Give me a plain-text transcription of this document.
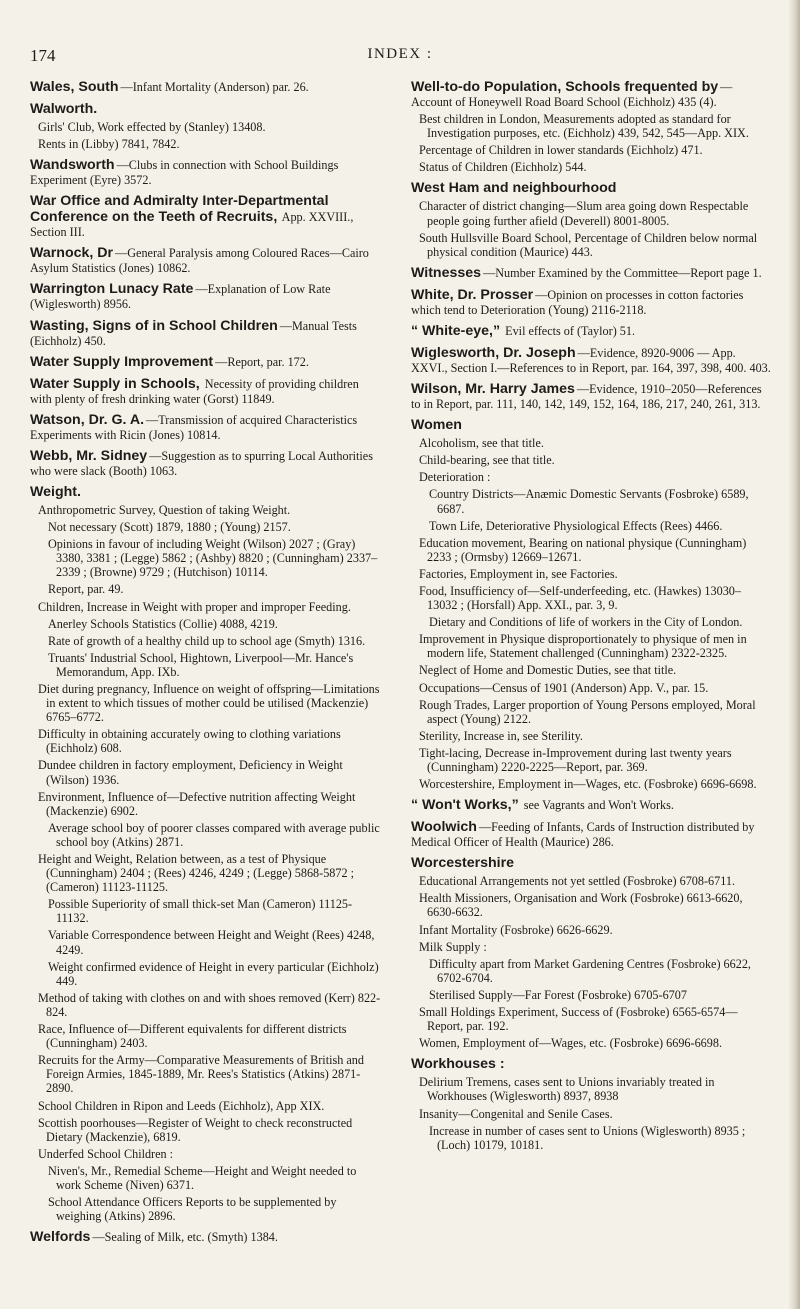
174	INDEX :
Wales, South —Infant Mortality (Anderson) par. 26.
Walworth.
Girls' Club, Work effected by (Stanley) 13408.
Rents in (Libby) 7841, 7842.
Wandsworth —Clubs in connection with School Buildings Experiment (Eyre) 3572.
War Office and Admiralty Inter-Departmental Conference on the Teeth of Recruits, App. XXVIII., Section III.
Warnock, Dr —General Paralysis among Coloured Races—Cairo Asylum Statistics (Jones) 10862.
Warrington Lunacy Rate —Explanation of Low Rate (Wiglesworth) 8956.
Wasting, Signs of in School Children —Manual Tests (Eichholz) 450.
Water Supply Improvement —Report, par. 172.
Water Supply in Schools, Necessity of providing children with plenty of fresh drinking water (Gorst) 11849.
Watson, Dr. G. A. —Transmission of acquired Characteristics Experiments with Ricin (Jones) 10814.
Webb, Mr. Sidney —Suggestion as to spurring Local Authorities who were slack (Booth) 1063.
Weight.
Anthropometric Survey, Question of taking Weight.
Not necessary (Scott) 1879, 1880 ; (Young) 2157.
Opinions in favour of including Weight (Wilson) 2027 ; (Gray) 3380, 3381 ; (Legge) 5862 ; (Ashby) 8820 ; (Cunningham) 2337–2339 ; (Browne) 9729 ; (Hutchison) 10114.
Report, par. 49.
Children, Increase in Weight with proper and improper Feeding.
Anerley Schools Statistics (Collie) 4088, 4219.
Rate of growth of a healthy child up to school age (Smyth) 1316.
Truants' Industrial School, Hightown, Liverpool—Mr. Hance's Memorandum, App. IXb.
Diet during pregnancy, Influence on weight of offspring—Limitations in extent to which tissues of mother could be utilised (Mackenzie) 6765–6772.
Difficulty in obtaining accurately owing to clothing variations (Eichholz) 608.
Dundee children in factory employment, Deficiency in Weight (Wilson) 1936.
Environment, Influence of—Defective nutrition affecting Weight (Mackenzie) 6902.
Average school boy of poorer classes compared with average public school boy (Atkins) 2871.
Height and Weight, Relation between, as a test of Physique (Cunningham) 2404 ; (Rees) 4246, 4249 ; (Legge) 5868-5872 ; (Cameron) 11123-11125.
Possible Superiority of small thick-set Man (Cameron) 11125-11132.
Variable Correspondence between Height and Weight (Rees) 4248, 4249.
Weight confirmed evidence of Height in every particular (Eichholz) 449.
Method of taking with clothes on and with shoes removed (Kerr) 822-824.
Race, Influence of—Different equivalents for different districts (Cunningham) 2403.
Recruits for the Army—Comparative Measurements of British and Foreign Armies, 1845-1889, Mr. Rees's Statistics (Atkins) 2871-2890.
School Children in Ripon and Leeds (Eichholz), App XIX.
Scottish poorhouses—Register of Weight to check reconstructed Dietary (Mackenzie), 6819.
Underfed School Children :
Niven's, Mr., Remedial Scheme—Height and Weight needed to work Scheme (Niven) 6371.
School Attendance Officers Reports to be supplemented by weighing (Atkins) 2896.
Welfords —Sealing of Milk, etc. (Smyth) 1384.
Well-to-do Population, Schools frequented by —Account of Honeywell Road Board School (Eichholz) 435 (4).
Best children in London, Measurements adopted as standard for Investigation purposes, etc. (Eichholz) 439, 542, 545—App. XIX.
Percentage of Children in lower standards (Eichholz) 471.
Status of Children (Eichholz) 544.
West Ham and neighbourhood
Character of district changing—Slum area going down Respectable people going further afield (Deverell) 8001-8005.
South Hullsville Board School, Percentage of Children below normal physical condition (Maurice) 443.
Witnesses —Number Examined by the Committee—Report page 1.
White, Dr. Prosser —Opinion on processes in cotton factories which tend to Deterioration (Young) 2116-2118.
“ White-eye,” Evil effects of (Taylor) 51.
Wiglesworth, Dr. Joseph —Evidence, 8920-9006 — App. XXVI., Section I.—References to in Report, par. 164, 397, 398, 400. 403.
Wilson, Mr. Harry James —Evidence, 1910–2050—References to in Report, par. 111, 140, 142, 149, 152, 164, 186, 217, 240, 261, 313.
Women
Alcoholism, see that title.
Child-bearing, see that title.
Deterioration :
Country Districts—Anæmic Domestic Servants (Fosbroke) 6589, 6687.
Town Life, Deteriorative Physiological Effects (Rees) 4466.
Education movement, Bearing on national physique (Cunningham) 2233 ; (Ormsby) 12669–12671.
Factories, Employment in, see Factories.
Food, Insufficiency of—Self-underfeeding, etc. (Hawkes) 13030–13032 ; (Horsfall) App. XXI., par. 3, 9.
Dietary and Conditions of life of workers in the City of London.
Improvement in Physique disproportionately to physique of men in modern life, Statement challenged (Cunningham) 2322-2325.
Neglect of Home and Domestic Duties, see that title.
Occupations—Census of 1901 (Anderson) App. V., par. 15.
Rough Trades, Larger proportion of Young Persons employed, Moral aspect (Young) 2122.
Sterility, Increase in, see Sterility.
Tight-lacing, Decrease in-Improvement during last twenty years (Cunningham) 2220-2225—Report, par. 369.
Worcestershire, Employment in—Wages, etc. (Fosbroke) 6696-6698.
“ Won't Works,” see Vagrants and Won't Works.
Woolwich —Feeding of Infants, Cards of Instruction distributed by Medical Officer of Health (Maurice) 286.
Worcestershire
Educational Arrangements not yet settled (Fosbroke) 6708-6711.
Health Missioners, Organisation and Work (Fosbroke) 6613-6620, 6630-6632.
Infant Mortality (Fosbroke) 6626-6629.
Milk Supply :
Difficulty apart from Market Gardening Centres (Fosbroke) 6622, 6702-6704.
Sterilised Supply—Far Forest (Fosbroke) 6705-6707
Small Holdings Experiment, Success of (Fosbroke) 6565-6574—Report, par. 192.
Women, Employment of—Wages, etc. (Fosbroke) 6696-6698.
Workhouses :
Delirium Tremens, cases sent to Unions invariably treated in Workhouses (Wiglesworth) 8937, 8938
Insanity—Congenital and Senile Cases.
Increase in number of cases sent to Unions (Wiglesworth) 8935 ; (Loch) 10179, 10181.
